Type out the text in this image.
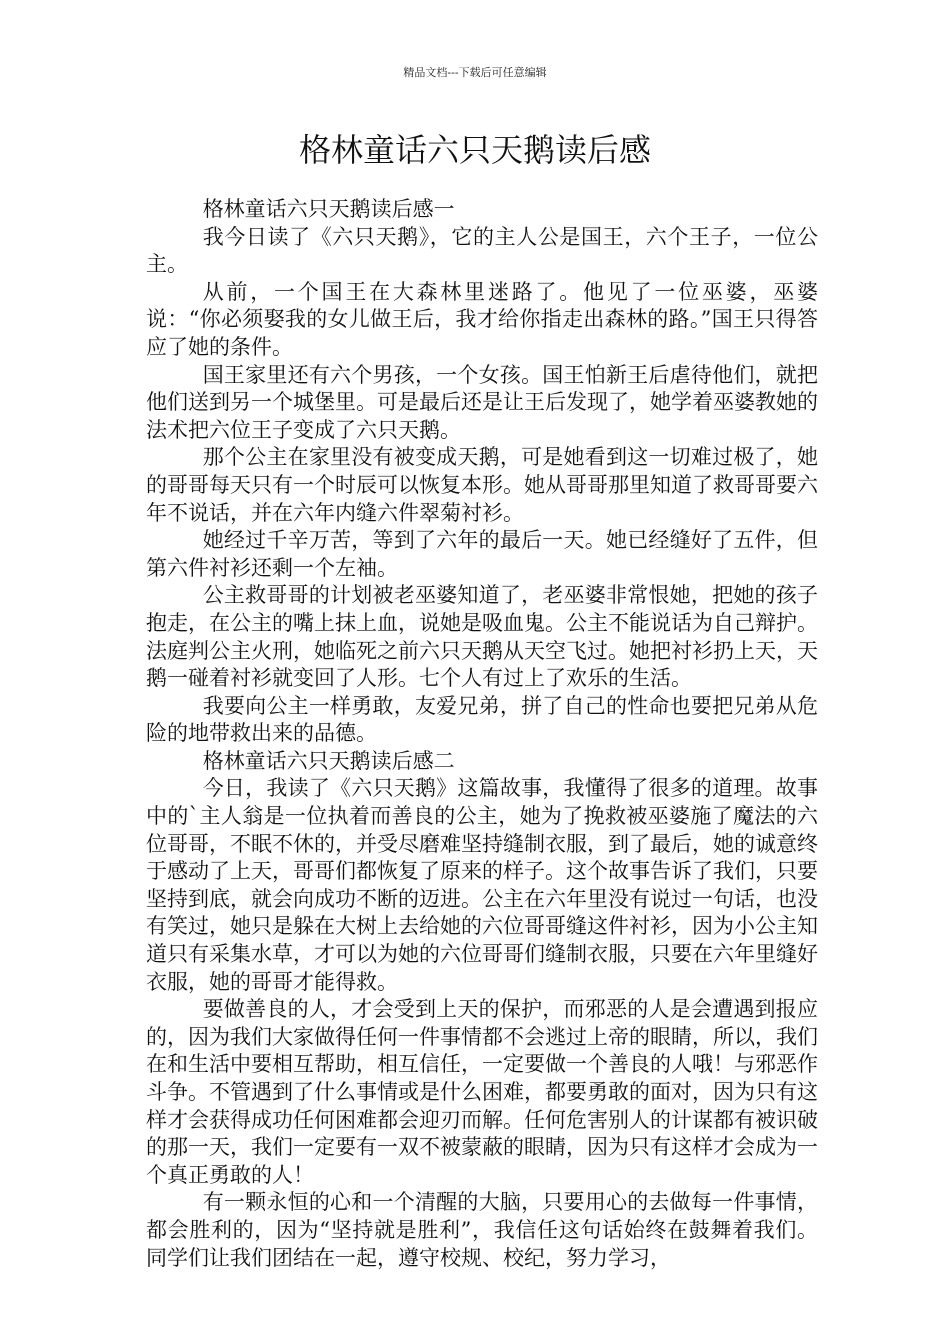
精品文档---下载后可任意编辑
格林童话六只天鹅读后感

格林童话六只天鹅读后感一

我今日读了《六只天鹅》，它的主人公是国王，六个王子，一位公主。

从前，一个国王在大森林里迷路了。他见了一位巫婆，巫婆说：“你必须娶我的女儿做王后，我才给你指走出森林的路。”国王只得答应了她的条件。

国王家里还有六个男孩，一个女孩。国王怕新王后虐待他们，就把他们送到另一个城堡里。可是最后还是让王后发现了，她学着巫婆教她的法术把六位王子变成了六只天鹅。

那个公主在家里没有被变成天鹅，可是她看到这一切难过极了，她的哥哥每天只有一个时辰可以恢复本形。她从哥哥那里知道了救哥哥要六年不说话，并在六年内缝六件翠菊衬衫。

她经过千辛万苦，等到了六年的最后一天。她已经缝好了五件，但第六件衬衫还剩一个左袖。

公主救哥哥的计划被老巫婆知道了，老巫婆非常恨她，把她的孩子抱走，在公主的嘴上抹上血，说她是吸血鬼。公主不能说话为自己辩护。法庭判公主火刑，她临死之前六只天鹅从天空飞过。她把衬衫扔上天，天鹅一碰着衬衫就变回了人形。七个人有过上了欢乐的生活。

我要向公主一样勇敢，友爱兄弟，拼了自己的性命也要把兄弟从危险的地带救出来的品德。

格林童话六只天鹅读后感二

今日，我读了《六只天鹅》这篇故事，我懂得了很多的道理。故事中的`主人翁是一位执着而善良的公主，她为了挽救被巫婆施了魔法的六位哥哥，不眠不休的，并受尽磨难坚持缝制衣服，到了最后，她的诚意终于感动了上天，哥哥们都恢复了原来的样子。这个故事告诉了我们，只要坚持到底，就会向成功不断的迈进。公主在六年里没有说过一句话，也没有笑过，她只是躲在大树上去给她的六位哥哥缝这件衬衫，因为小公主知道只有采集水草，才可以为她的六位哥哥们缝制衣服，只要在六年里缝好衣服，她的哥哥才能得救。

要做善良的人，才会受到上天的保护，而邪恶的人是会遭遇到报应的，因为我们大家做得任何一件事情都不会逃过上帝的眼睛，所以，我们在和生活中要相互帮助，相互信任，一定要做一个善良的人哦！与邪恶作斗争。不管遇到了什么事情或是什么困难，都要勇敢的面对，因为只有这样才会获得成功任何困难都会迎刃而解。任何危害别人的计谋都有被识破的那一天，我们一定要有一双不被蒙蔽的眼睛，因为只有这样才会成为一个真正勇敢的人！

有一颗永恒的心和一个清醒的大脑，只要用心的去做每一件事情，都会胜利的，因为“坚持就是胜利”，我信任这句话始终在鼓舞着我们。同学们让我们团结在一起，遵守校规、校纪，努力学习，
